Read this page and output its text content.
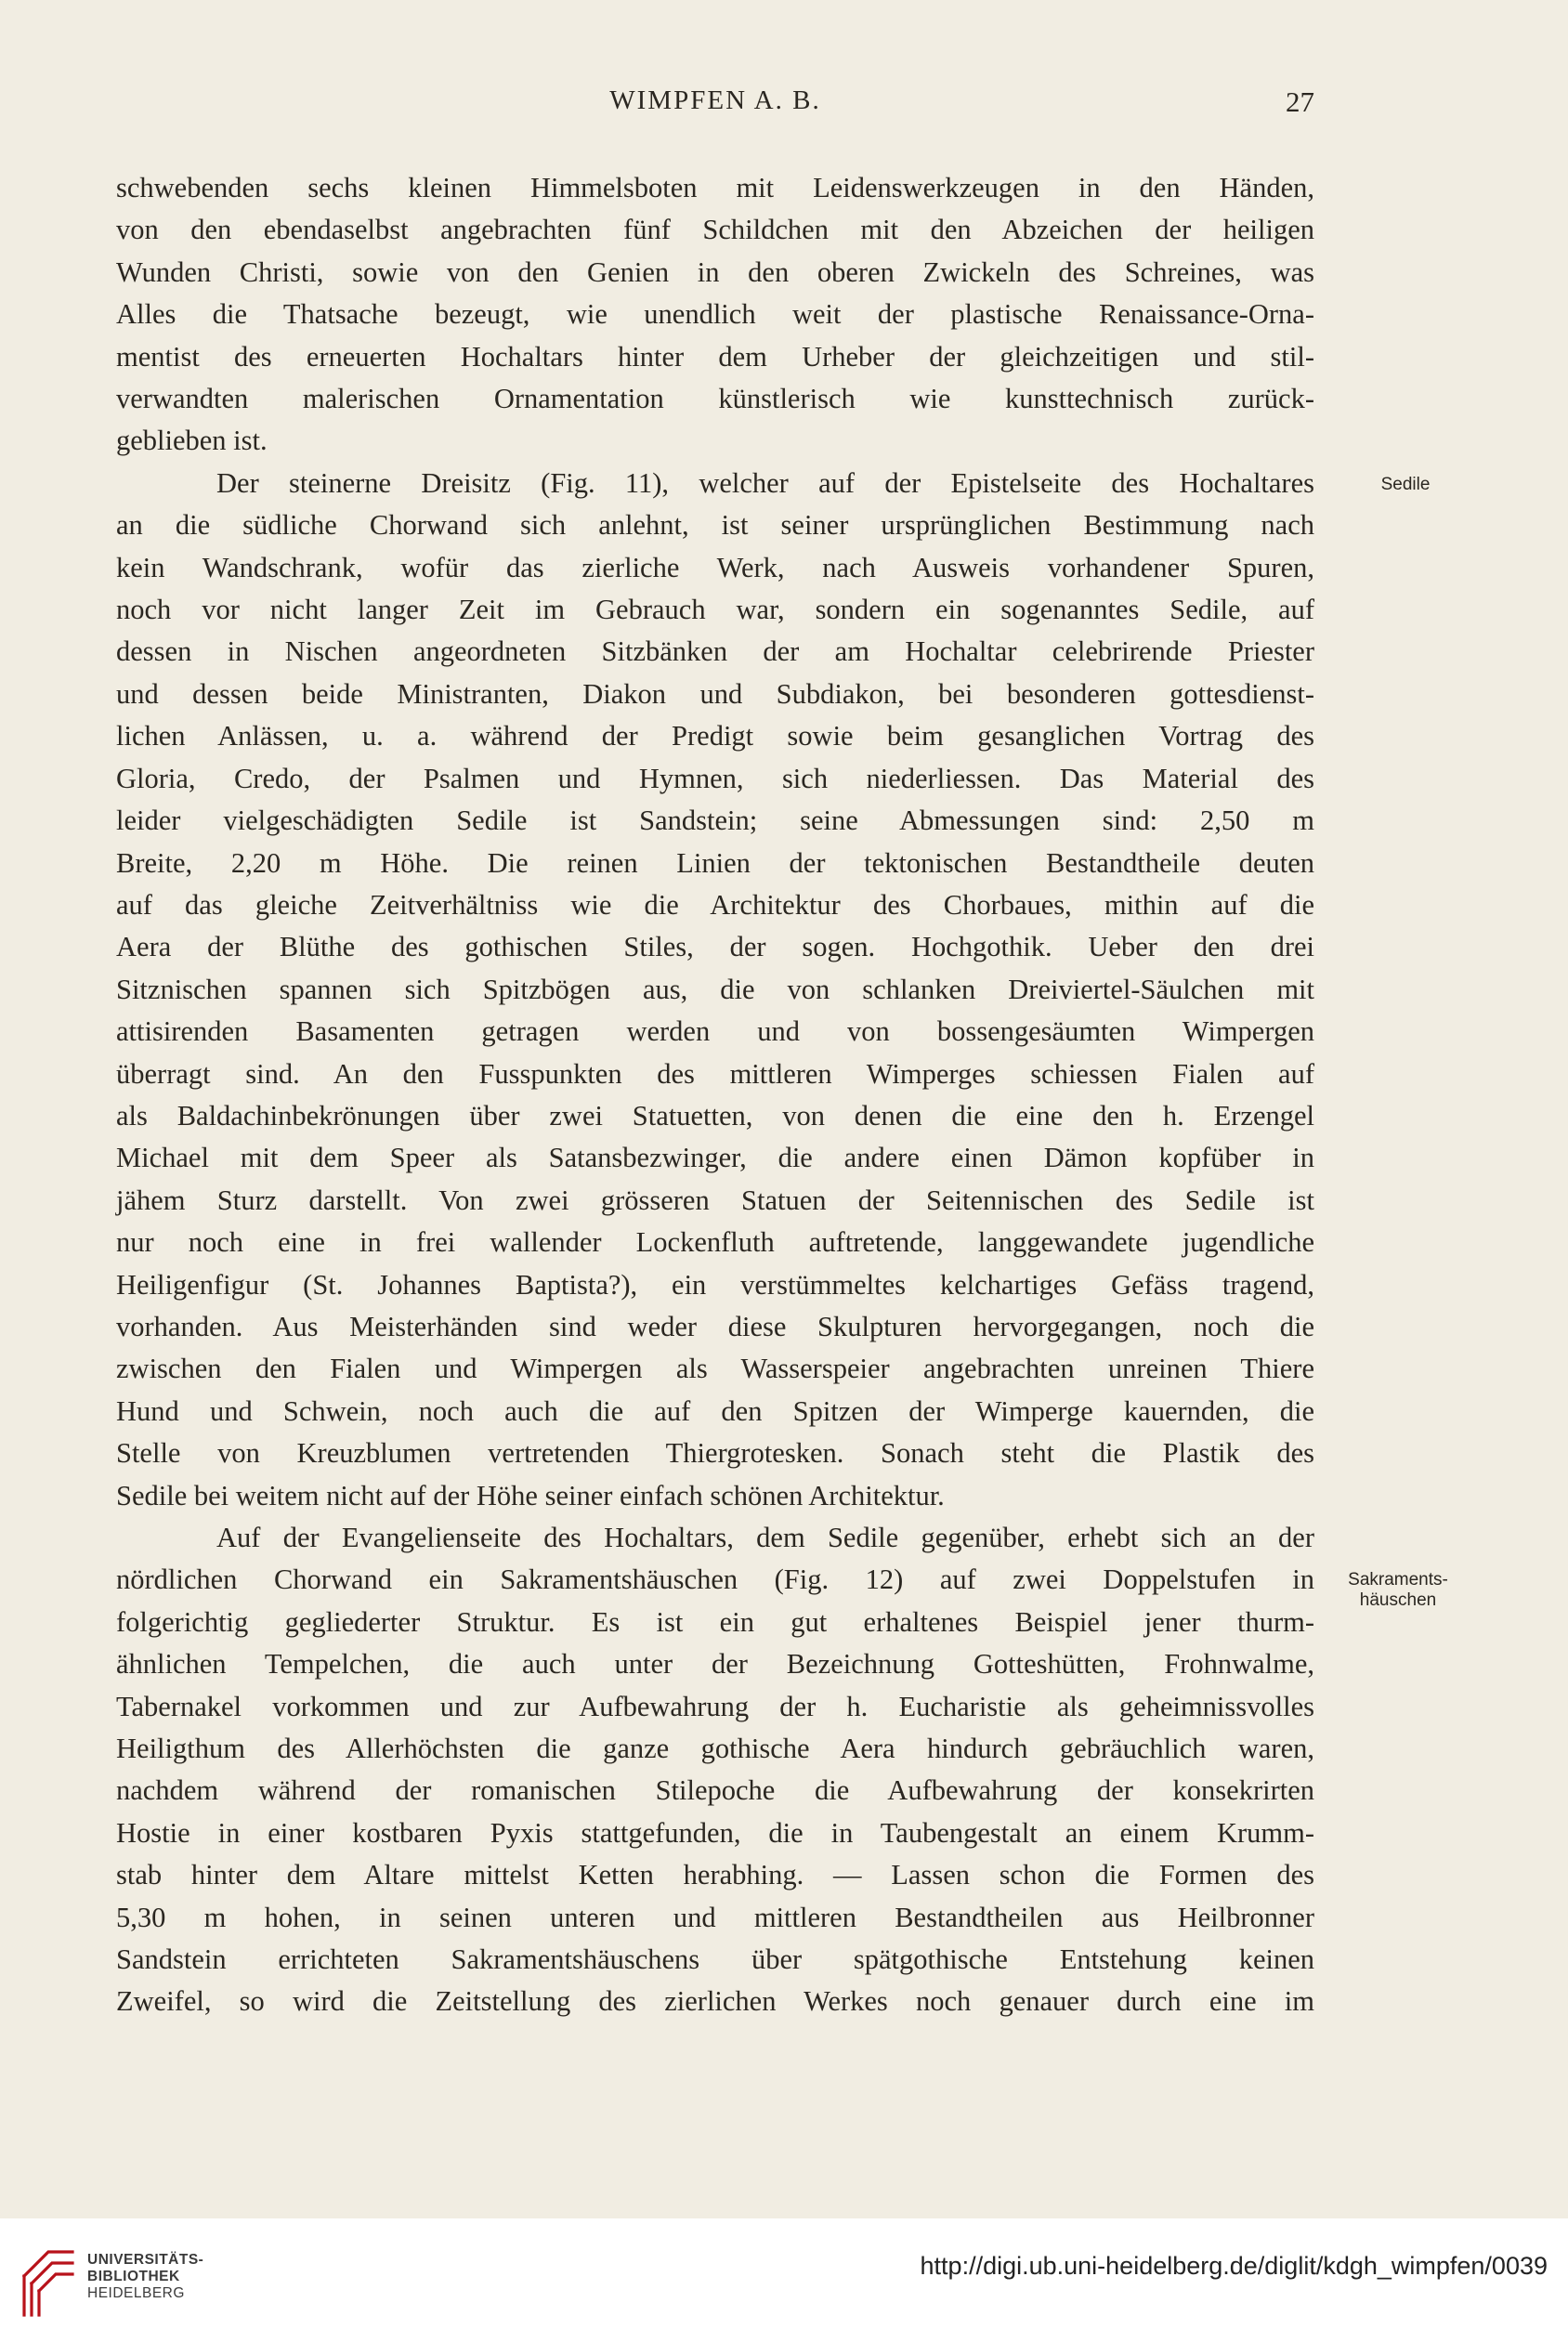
WIMPFEN A. B.	27
schwebenden sechs kleinen Himmelsboten mit Leidenswerkzeugen in den Händen,
von den ebendaselbst angebrachten fünf Schildchen mit den Abzeichen der heiligen
Wunden Christi, sowie von den Genien in den oberen Zwickeln des Schreines, was
Alles die Thatsache bezeugt, wie unendlich weit der plastische Renaissance-Orna-
mentist des erneuerten Hochaltars hinter dem Urheber der gleichzeitigen und stil-
verwandten malerischen Ornamentation künstlerisch wie kunsttechnisch zurück-
geblieben ist.
Der steinerne Dreisitz (Fig. 11), welcher auf der Epistelseite des Hochaltares
an die südliche Chorwand sich anlehnt, ist seiner ursprünglichen Bestimmung nach
kein Wandschrank, wofür das zierliche Werk, nach Ausweis vorhandener Spuren,
noch vor nicht langer Zeit im Gebrauch war, sondern ein sogenanntes Sedile, auf
dessen in Nischen angeordneten Sitzbänken der am Hochaltar celebrirende Priester
und dessen beide Ministranten, Diakon und Subdiakon, bei besonderen gottesdienst-
lichen Anlässen, u. a. während der Predigt sowie beim gesanglichen Vortrag des
Gloria, Credo, der Psalmen und Hymnen, sich niederliessen. Das Material des
leider vielgeschädigten Sedile ist Sandstein; seine Abmessungen sind: 2,50 m
Breite, 2,20 m Höhe. Die reinen Linien der tektonischen Bestandtheile deuten
auf das gleiche Zeitverhältniss wie die Architektur des Chorbaues, mithin auf die
Aera der Blüthe des gothischen Stiles, der sogen. Hochgothik. Ueber den drei
Sitznischen spannen sich Spitzbögen aus, die von schlanken Dreiviertel-Säulchen mit
attisirenden Basamenten getragen werden und von bossengesäumten Wimpergen
überragt sind. An den Fusspunkten des mittleren Wimperges schiessen Fialen auf
als Baldachinbekrönungen über zwei Statuetten, von denen die eine den h. Erzengel
Michael mit dem Speer als Satansbezwinger, die andere einen Dämon kopfüber in
jähem Sturz darstellt. Von zwei grösseren Statuen der Seitennischen des Sedile ist
nur noch eine in frei wallender Lockenfluth auftretende, langgewandete jugendliche
Heiligenfigur (St. Johannes Baptista?), ein verstümmeltes kelchartiges Gefäss tragend,
vorhanden. Aus Meisterhänden sind weder diese Skulpturen hervorgegangen, noch die
zwischen den Fialen und Wimpergen als Wasserspeier angebrachten unreinen Thiere
Hund und Schwein, noch auch die auf den Spitzen der Wimperge kauernden, die
Stelle von Kreuzblumen vertretenden Thiergrotesken. Sonach steht die Plastik des
Sedile bei weitem nicht auf der Höhe seiner einfach schönen Architektur.
Auf der Evangelienseite des Hochaltars, dem Sedile gegenüber, erhebt sich an der
nördlichen Chorwand ein Sakramentshäuschen (Fig. 12) auf zwei Doppelstufen in
folgerichtig gegliederter Struktur. Es ist ein gut erhaltenes Beispiel jener thurm-
ähnlichen Tempelchen, die auch unter der Bezeichnung Gotteshütten, Frohnwalme,
Tabernakel vorkommen und zur Aufbewahrung der h. Eucharistie als geheimnissvolles
Heiligthum des Allerhöchsten die ganze gothische Aera hindurch gebräuchlich waren,
nachdem während der romanischen Stilepoche die Aufbewahrung der konsekrirten
Hostie in einer kostbaren Pyxis stattgefunden, die in Taubengestalt an einem Krumm-
stab hinter dem Altare mittelst Ketten herabhing. — Lassen schon die Formen des
5,30 m hohen, in seinen unteren und mittleren Bestandtheilen aus Heilbronner
Sandstein errichteten Sakramentshäuschens über spätgothische Entstehung keinen
Zweifel, so wird die Zeitstellung des zierlichen Werkes noch genauer durch eine im
Sedile
Sakraments-
häuschen
UNIVERSITÄTS-
BIBLIOTHEK
HEIDELBERG
http://digi.ub.uni-heidelberg.de/diglit/kdgh_wimpfen/0039
